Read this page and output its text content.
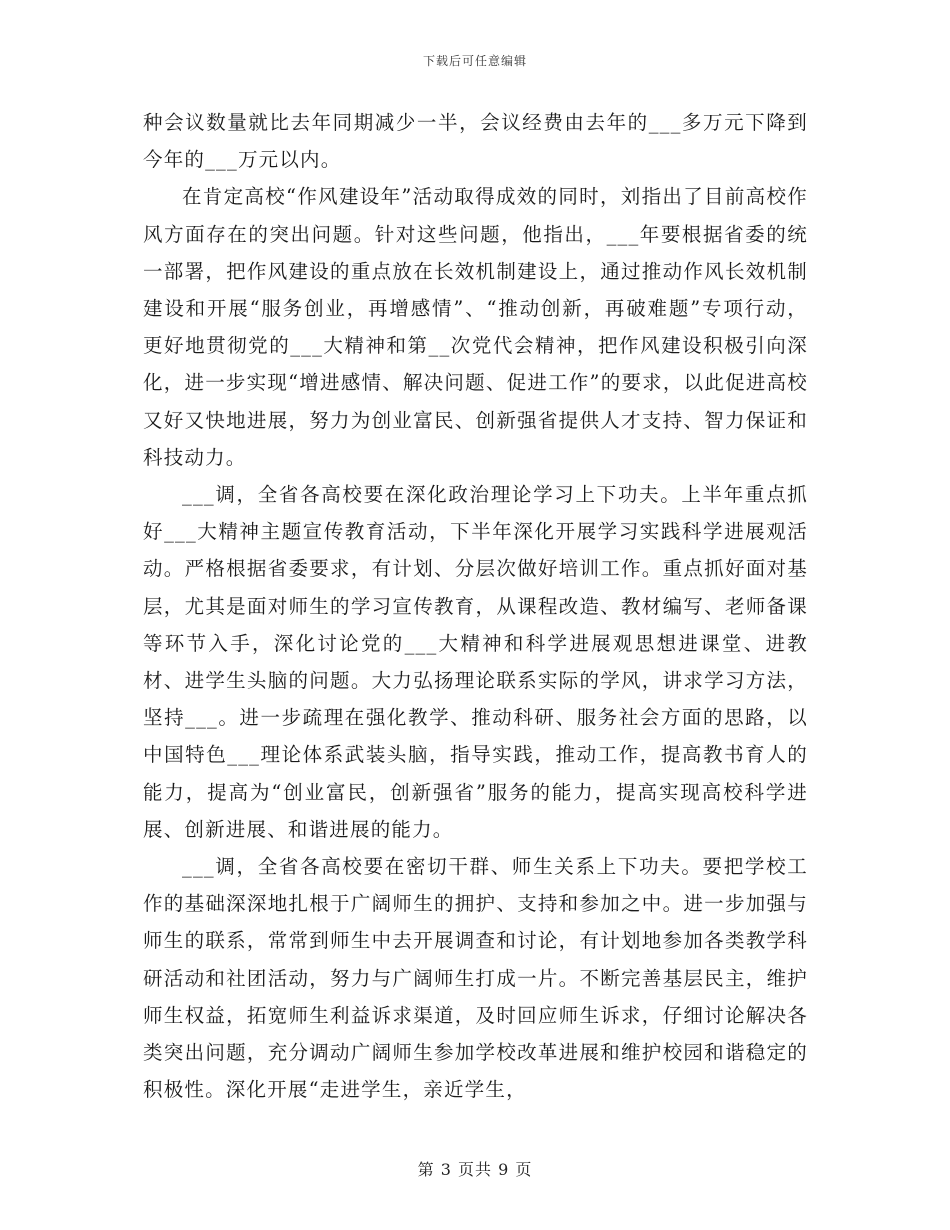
下载后可任意编辑

种会议数量就比去年同期减少一半，会议经费由去年的___多万元下降到今年的___万元以内。

在肯定高校“作风建设年”活动取得成效的同时，刘指出了目前高校作风方面存在的突出问题。针对这些问题，他指出，___年要根据省委的统一部署，把作风建设的重点放在长效机制建设上，通过推动作风长效机制建设和开展“服务创业，再增感情”、“推动创新，再破难题”专项行动，更好地贯彻党的___大精神和第__次党代会精神，把作风建设积极引向深化，进一步实现“增进感情、解决问题、促进工作”的要求，以此促进高校又好又快地进展，努力为创业富民、创新强省提供人才支持、智力保证和科技动力。

___调，全省各高校要在深化政治理论学习上下功夫。上半年重点抓好___大精神主题宣传教育活动，下半年深化开展学习实践科学进展观活动。严格根据省委要求，有计划、分层次做好培训工作。重点抓好面对基层，尤其是面对师生的学习宣传教育，从课程改造、教材编写、老师备课等环节入手，深化讨论党的___大精神和科学进展观思想进课堂、进教材、进学生头脑的问题。大力弘扬理论联系实际的学风，讲求学习方法，坚持___。进一步疏理在强化教学、推动科研、服务社会方面的思路，以中国特色___理论体系武装头脑，指导实践，推动工作，提高教书育人的能力，提高为“创业富民，创新强省”服务的能力，提高实现高校科学进展、创新进展、和谐进展的能力。

___调，全省各高校要在密切干群、师生关系上下功夫。要把学校工作的基础深深地扎根于广阔师生的拥护、支持和参加之中。进一步加强与师生的联系，常常到师生中去开展调查和讨论，有计划地参加各类教学科研活动和社团活动，努力与广阔师生打成一片。不断完善基层民主，维护师生权益，拓宽师生利益诉求渠道，及时回应师生诉求，仔细讨论解决各类突出问题，充分调动广阔师生参加学校改革进展和维护校园和谐稳定的积极性。深化开展“走进学生，亲近学生，

第 3 页共 9 页
